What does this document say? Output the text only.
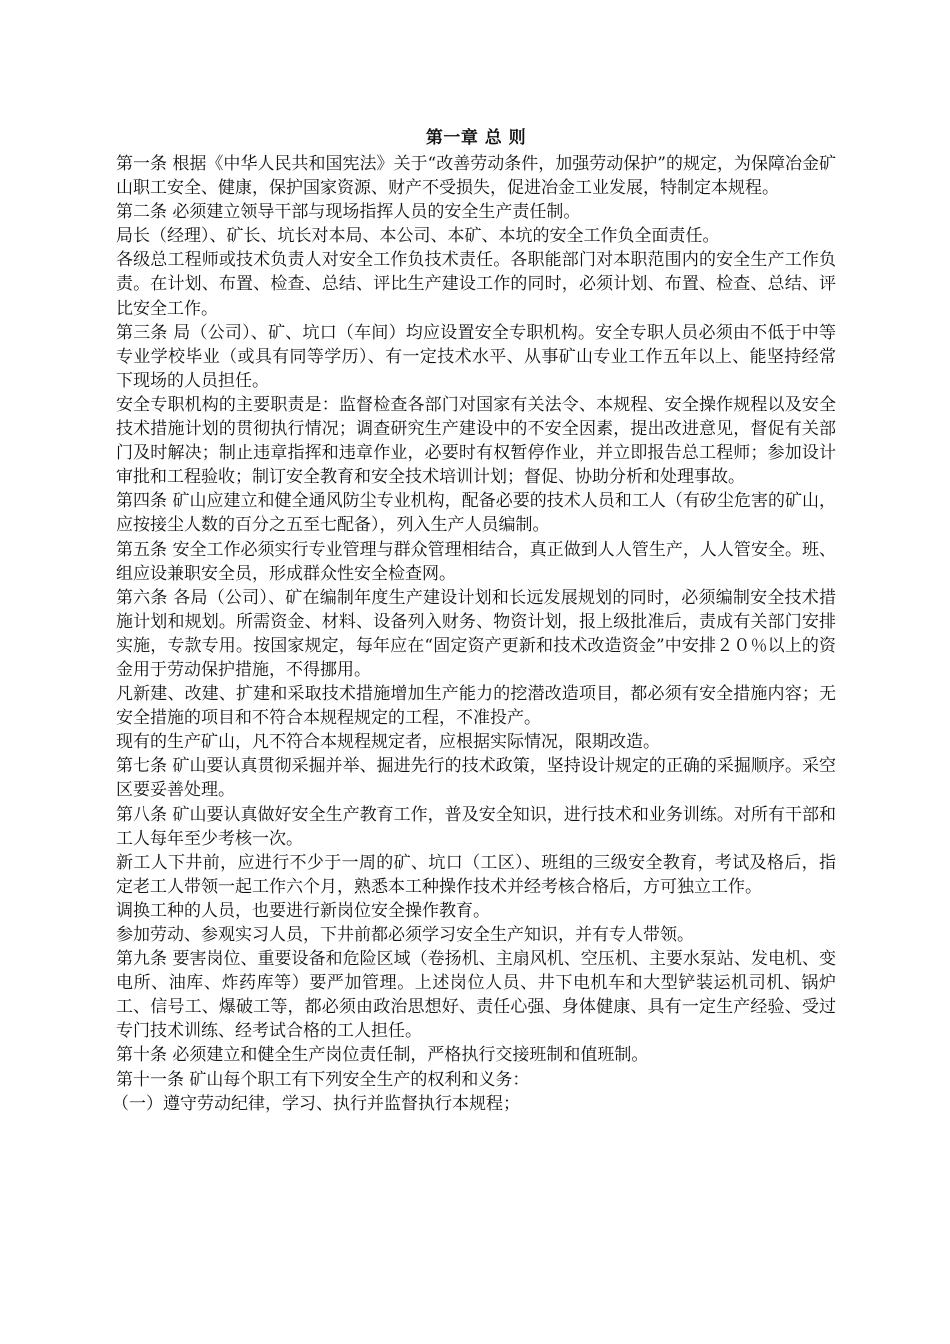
第一章 总 则

第一条 根据《中华人民共和国宪法》关于“改善劳动条件，加强劳动保护”的规定，为保障冶金矿山职工安全、健康，保护国家资源、财产不受损失，促进冶金工业发展，特制定本规程。

第二条 必须建立领导干部与现场指挥人员的安全生产责任制。

局长（经理）、矿长、坑长对本局、本公司、本矿、本坑的安全工作负全面责任。

各级总工程师或技术负责人对安全工作负技术责任。各职能部门对本职范围内的安全生产工作负责。在计划、布置、检查、总结、评比生产建设工作的同时，必须计划、布置、检查、总结、评比安全工作。

第三条 局（公司）、矿、坑口（车间）均应设置安全专职机构。安全专职人员必须由不低于中等专业学校毕业（或具有同等学历）、有一定技术水平、从事矿山专业工作五年以上、能坚持经常下现场的人员担任。

安全专职机构的主要职责是：监督检查各部门对国家有关法令、本规程、安全操作规程以及安全技术措施计划的贯彻执行情况；调查研究生产建设中的不安全因素，提出改进意见，督促有关部门及时解决；制止违章指挥和违章作业，必要时有权暂停作业，并立即报告总工程师；参加设计审批和工程验收；制订安全教育和安全技术培训计划；督促、协助分析和处理事故。

第四条 矿山应建立和健全通风防尘专业机构，配备必要的技术人员和工人（有矽尘危害的矿山，应按接尘人数的百分之五至七配备），列入生产人员编制。

第五条 安全工作必须实行专业管理与群众管理相结合，真正做到人人管生产，人人管安全。班、组应设兼职安全员，形成群众性安全检查网。

第六条 各局（公司）、矿在编制年度生产建设计划和长远发展规划的同时，必须编制安全技术措施计划和规划。所需资金、材料、设备列入财务、物资计划，报上级批准后，责成有关部门安排实施，专款专用。按国家规定，每年应在“固定资产更新和技术改造资金”中安排２０％以上的资金用于劳动保护措施，不得挪用。

凡新建、改建、扩建和采取技术措施增加生产能力的挖潜改造项目，都必须有安全措施内容；无安全措施的项目和不符合本规程规定的工程，不准投产。

现有的生产矿山，凡不符合本规程规定者，应根据实际情况，限期改造。

第七条 矿山要认真贯彻采掘并举、掘进先行的技术政策，坚持设计规定的正确的采掘顺序。采空区要妥善处理。

第八条 矿山要认真做好安全生产教育工作，普及安全知识，进行技术和业务训练。对所有干部和工人每年至少考核一次。

新工人下井前，应进行不少于一周的矿、坑口（工区）、班组的三级安全教育，考试及格后，指定老工人带领一起工作六个月，熟悉本工种操作技术并经考核合格后，方可独立工作。

调换工种的人员，也要进行新岗位安全操作教育。

参加劳动、参观实习人员，下井前都必须学习安全生产知识，并有专人带领。

第九条 要害岗位、重要设备和危险区域（卷扬机、主扇风机、空压机、主要水泵站、发电机、变电所、油库、炸药库等）要严加管理。上述岗位人员、井下电机车和大型铲装运机司机、锅炉工、信号工、爆破工等，都必须由政治思想好、责任心强、身体健康、具有一定生产经验、受过专门技术训练、经考试合格的工人担任。

第十条 必须建立和健全生产岗位责任制，严格执行交接班制和值班制。

第十一条 矿山每个职工有下列安全生产的权利和义务：

（一）遵守劳动纪律，学习、执行并监督执行本规程；
